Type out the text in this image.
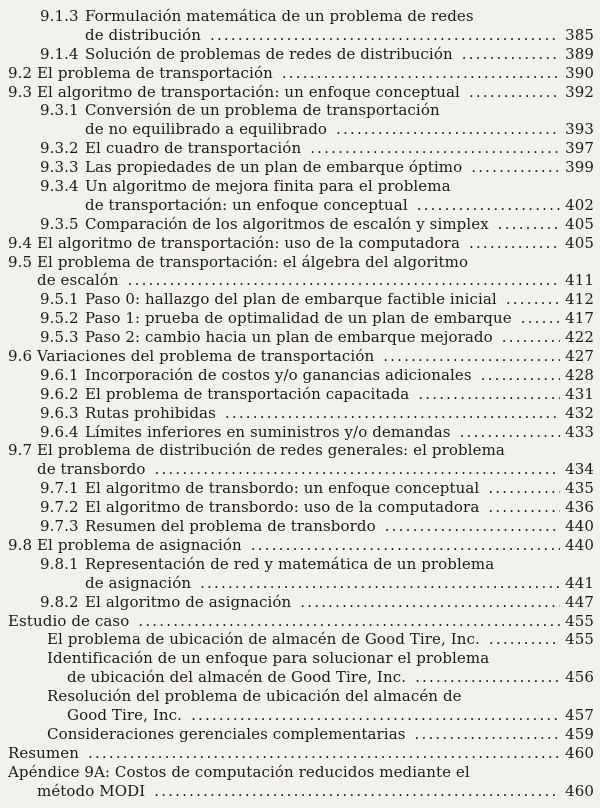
9.1.3 Formulación matemática de un problema de redes
de distribución .....	385
9.1.4 Solución de problemas de redes de distribución .....	389
9.2 El problema de transportación .....	390
9.3 El algoritmo de transportación: un enfoque conceptual .....	392
9.3.1 Conversión de un problema de transportación
de no equilibrado a equilibrado .....	393
9.3.2 El cuadro de transportación .....	397
9.3.3 Las propiedades de un plan de embarque óptimo .....	399
9.3.4 Un algoritmo de mejora finita para el problema
de transportación: un enfoque conceptual .....	402
9.3.5 Comparación de los algoritmos de escalón y simplex .....	405
9.4 El algoritmo de transportación: uso de la computadora .....	405
9.5 El problema de transportación: el álgebra del algoritmo
de escalón .....	411
9.5.1 Paso 0: hallazgo del plan de embarque factible inicial .....	412
9.5.2 Paso 1: prueba de optimalidad de un plan de embarque .....	417
9.5.3 Paso 2: cambio hacia un plan de embarque mejorado .....	422
9.6 Variaciones del problema de transportación .....	427
9.6.1 Incorporación de costos y/o ganancias adicionales .....	428
9.6.2 El problema de transportación capacitada .....	431
9.6.3 Rutas prohibidas .....	432
9.6.4 Límites inferiores en suministros y/o demandas .....	433
9.7 El problema de distribución de redes generales: el problema
de transbordo .....	434
9.7.1 El algoritmo de transbordo: un enfoque conceptual .....	435
9.7.2 El algoritmo de transbordo: uso de la computadora .....	436
9.7.3 Resumen del problema de transbordo .....	440
9.8 El problema de asignación .....	440
9.8.1 Representación de red y matemática de un problema
de asignación .....	441
9.8.2 El algoritmo de asignación .....	447
Estudio de caso .....	455
El problema de ubicación de almacén de Good Tire, Inc. .....	455
Identificación de un enfoque para solucionar el problema
de ubicación del almacén de Good Tire, Inc. .....	456
Resolución del problema de ubicación del almacén de
Good Tire, Inc. .....	457
Consideraciones gerenciales complementarias .....	459
Resumen .....	460
Apéndice 9A: Costos de computación reducidos mediante el
método MODI .....	460
